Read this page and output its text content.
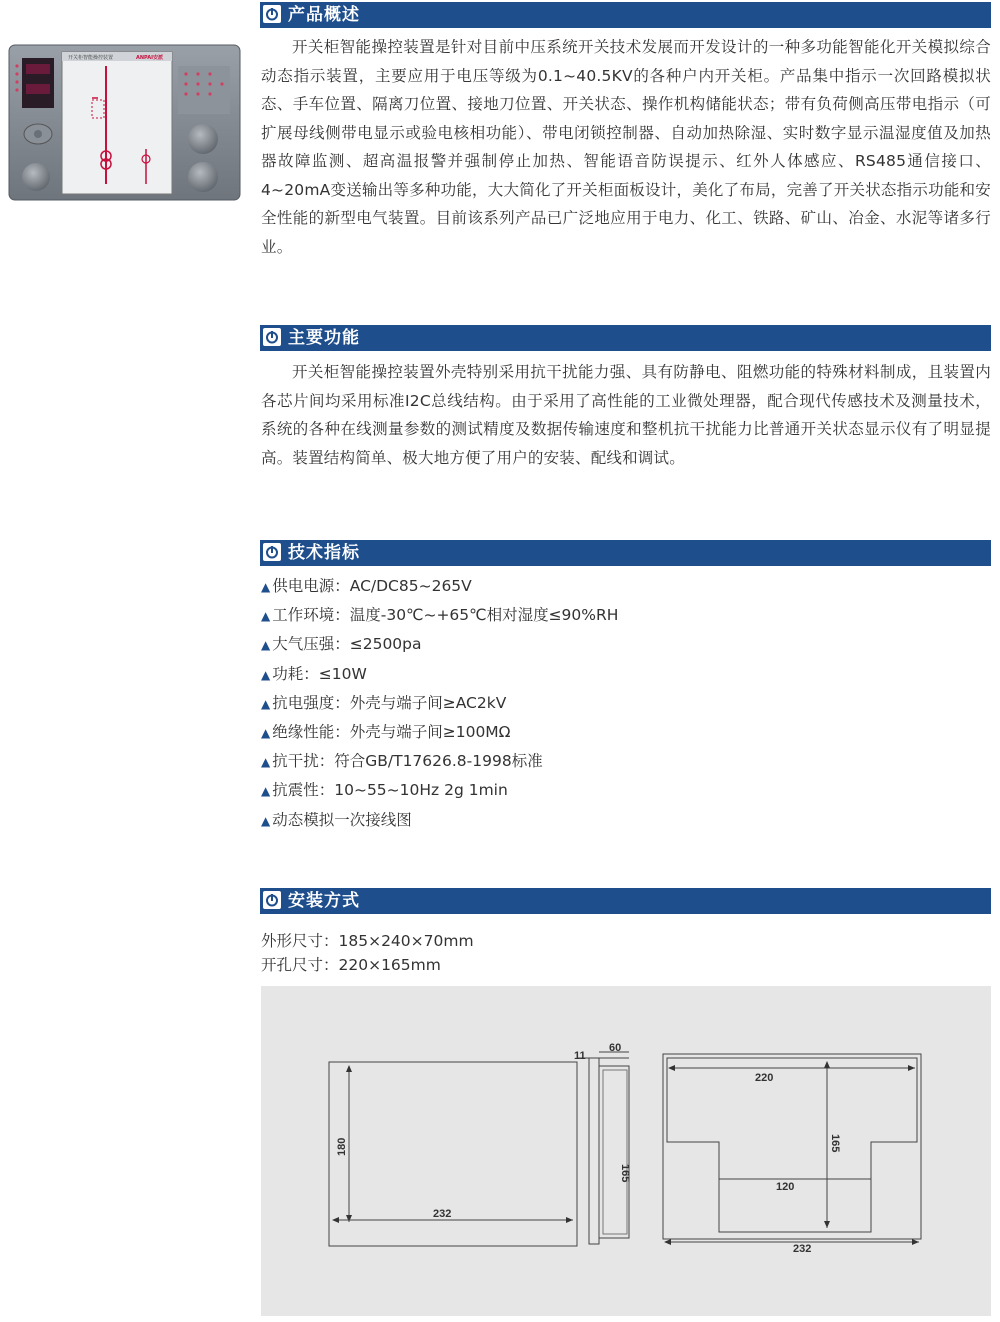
开关柜智能操控装置	ANPAI安派
产品概述

开关柜智能操控装置是针对目前中压系统开关技术发展而开发设计的一种多功能智能化开关模拟综合动态指示装置，主要应用于电压等级为0.1~40.5KV的各种户内开关柜。产品集中指示一次回路模拟状态、手车位置、隔离刀位置、接地刀位置、开关状态、操作机构储能状态；带有负荷侧高压带电指示（可扩展母线侧带电显示或验电核相功能）、带电闭锁控制器、自动加热除湿、实时数字显示温湿度值及加热器故障监测、超高温报警并强制停止加热、智能语音防误提示、红外人体感应、RS485通信接口、4~20mA变送输出等多种功能，大大简化了开关柜面板设计，美化了布局，完善了开关状态指示功能和安全性能的新型电气装置。目前该系列产品已广泛地应用于电力、化工、铁路、矿山、冶金、水泥等诸多行业。

主要功能

开关柜智能操控装置外壳特别采用抗干扰能力强、具有防静电、阻燃功能的特殊材料制成，且装置内各芯片间均采用标准I2C总线结构。由于采用了高性能的工业微处理器，配合现代传感技术及测量技术，系统的各种在线测量参数的测试精度及数据传输速度和整机抗干扰能力比普通开关状态显示仪有了明显提高。装置结构简单、极大地方便了用户的安装、配线和调试。

技术指标
▲ 供电电源：AC/DC85~265V
▲ 工作环境：温度-30℃~+65℃相对湿度≤90%RH
▲ 大气压强：≤2500pa
▲ 功耗：≤10W
▲ 抗电强度：外壳与端子间≥AC2kV
▲ 绝缘性能：外壳与端子间≥100MΩ
▲ 抗干扰：符合GB/T17626.8-1998标准
▲ 抗震性：10~55~10Hz 2g 1min
▲ 动态模拟一次接线图
安装方式
外形尺寸：185×240×70mm
开孔尺寸：220×165mm
180
232
60
11
165
220
165
120
232
